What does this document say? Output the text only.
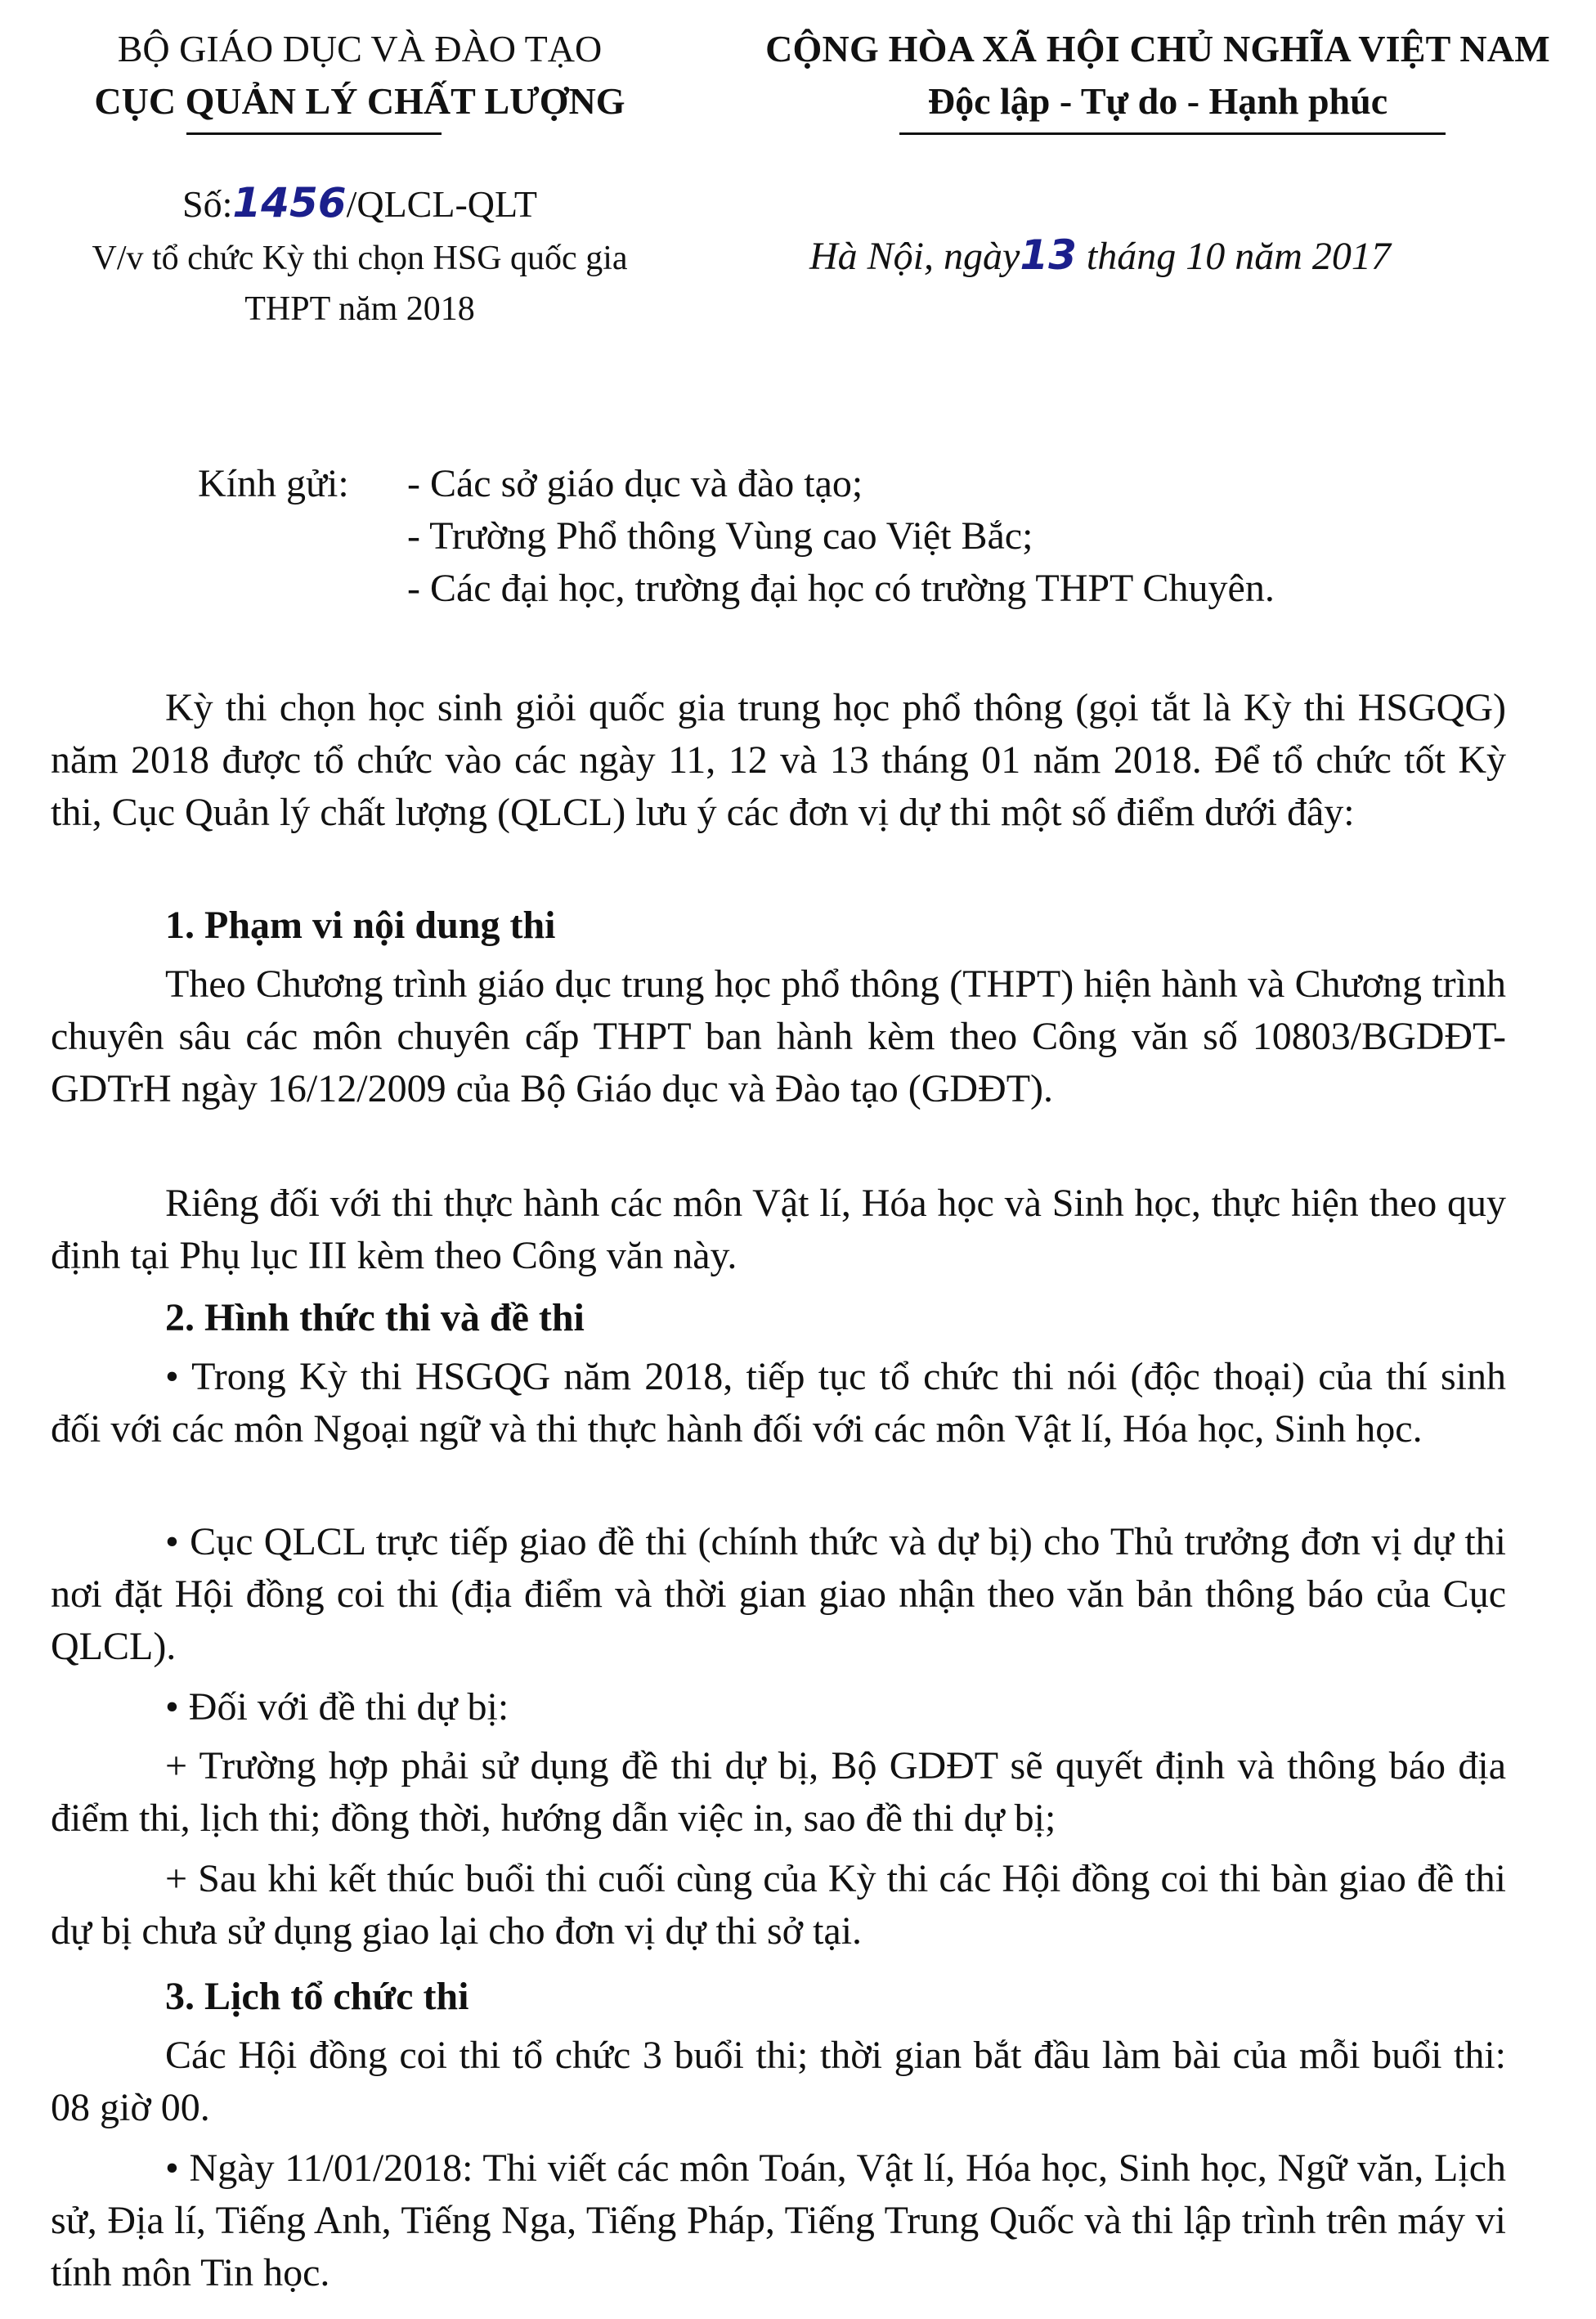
BỘ GIÁO DỤC VÀ ĐÀO TẠO
CỤC QUẢN LÝ CHẤT LƯỢNG
CỘNG HÒA XÃ HỘI CHỦ NGHĨA VIỆT NAM
Độc lập - Tự do - Hạnh phúc
Số:1456/QLCL-QLT
V/v tổ chức Kỳ thi chọn HSG quốc gia
THPT năm 2018
Hà Nội, ngày13 tháng 10 năm 2017
Kính gửi: - Các sở giáo dục và đào tạo;
- Trường Phổ thông Vùng cao Việt Bắc;
- Các đại học, trường đại học có trường THPT Chuyên.
Kỳ thi chọn học sinh giỏi quốc gia trung học phổ thông (gọi tắt là Kỳ thi HSGQG) năm 2018 được tổ chức vào các ngày 11, 12 và 13 tháng 01 năm 2018. Để tổ chức tốt Kỳ thi, Cục Quản lý chất lượng (QLCL) lưu ý các đơn vị dự thi một số điểm dưới đây:
1. Phạm vi nội dung thi
Theo Chương trình giáo dục trung học phổ thông (THPT) hiện hành và Chương trình chuyên sâu các môn chuyên cấp THPT ban hành kèm theo Công văn số 10803/BGDĐT-GDTrH ngày 16/12/2009 của Bộ Giáo dục và Đào tạo (GDĐT).
Riêng đối với thi thực hành các môn Vật lí, Hóa học và Sinh học, thực hiện theo quy định tại Phụ lục III kèm theo Công văn này.
2. Hình thức thi và đề thi
• Trong Kỳ thi HSGQG năm 2018, tiếp tục tổ chức thi nói (độc thoại) của thí sinh đối với các môn Ngoại ngữ và thi thực hành đối với các môn Vật lí, Hóa học, Sinh học.
• Cục QLCL trực tiếp giao đề thi (chính thức và dự bị) cho Thủ trưởng đơn vị dự thi nơi đặt Hội đồng coi thi (địa điểm và thời gian giao nhận theo văn bản thông báo của Cục QLCL).
• Đối với đề thi dự bị:
+ Trường hợp phải sử dụng đề thi dự bị, Bộ GDĐT sẽ quyết định và thông báo địa điểm thi, lịch thi; đồng thời, hướng dẫn việc in, sao đề thi dự bị;
+ Sau khi kết thúc buổi thi cuối cùng của Kỳ thi các Hội đồng coi thi bàn giao đề thi dự bị chưa sử dụng giao lại cho đơn vị dự thi sở tại.
3. Lịch tổ chức thi
Các Hội đồng coi thi tổ chức 3 buổi thi; thời gian bắt đầu làm bài của mỗi buổi thi: 08 giờ 00.
• Ngày 11/01/2018: Thi viết các môn Toán, Vật lí, Hóa học, Sinh học, Ngữ văn, Lịch sử, Địa lí, Tiếng Anh, Tiếng Nga, Tiếng Pháp, Tiếng Trung Quốc và thi lập trình trên máy vi tính môn Tin học.
